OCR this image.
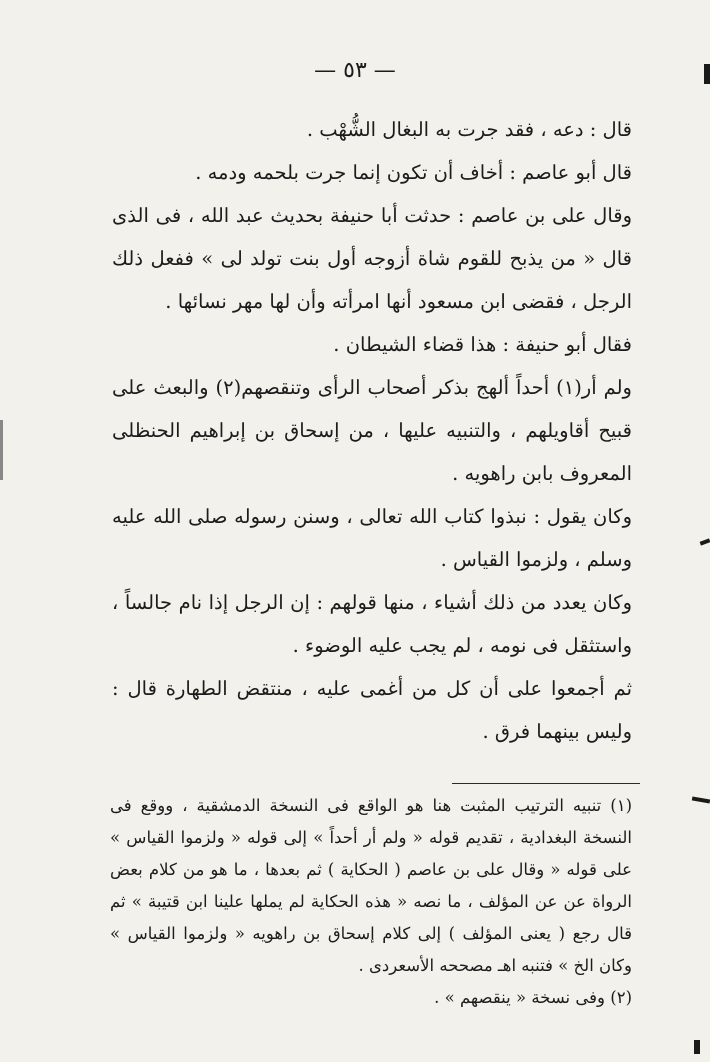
— ٥٣ —

قال : دعه ، فقد جرت به البغال الشُّهْب .

قال أبو عاصم : أخاف أن تكون إنما جرت بلحمه ودمه .

وقال على بن عاصم : حدثت أبا حنيفة بحديث عبد الله ، فى الذى قال « من يذبح للقوم شاة أزوجه أول بنت تولد لى » ففعل ذلك الرجل ، فقضى ابن مسعود أنها امرأته وأن لها مهر نسائها .

فقال أبو حنيفة : هذا قضاء الشيطان .

ولم أر(١) أحداً ألهج بذكر أصحاب الرأى وتنقصهم(٢) والبعث على قبيح أقاويلهم ، والتنبيه عليها ، من إسحاق بن إبراهيم الحنظلى المعروف بابن راهويه .

وكان يقول : نبذوا كتاب الله تعالى ، وسنن رسوله صلى الله عليه وسلم ، ولزموا القياس .

وكان يعدد من ذلك أشياء ، منها قولهم : إن الرجل إذا نام جالساً ، واستثقل فى نومه ، لم يجب عليه الوضوء .

ثم أجمعوا على أن كل من أغمى عليه ، منتقض الطهارة قال : وليس بينهما فرق .

(١) تنبيه الترتيب المثبت هنا هو الواقع فى النسخة الدمشقية ، ووقع فى النسخة البغدادية ، تقديم قوله « ولم أر أحداً » إلى قوله « ولزموا القياس » على قوله « وقال على بن عاصم ( الحكاية ) ثم بعدها ، ما هو من كلام بعض الرواة عن عن المؤلف ، ما نصه « هذه الحكاية لم يملها علينا ابن قتيبة » ثم قال رجع ( يعنى المؤلف ) إلى كلام إسحاق بن راهويه « ولزموا القياس » وكان الخ » فتنبه اهـ مصححه الأسعردى .

(٢) وفى نسخة « ينقصهم » .
